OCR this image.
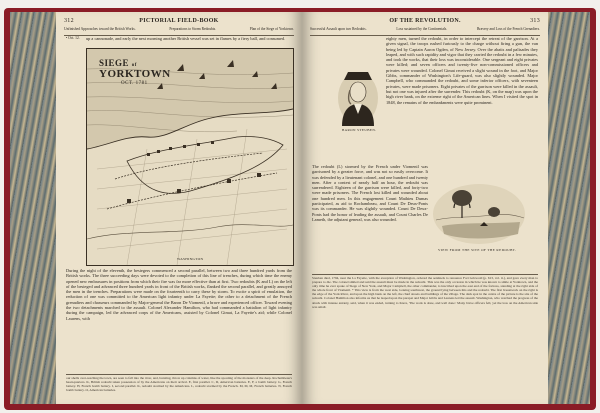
312	PICTORIAL FIELD-BOOK
Unfinished Approaches toward the British Works.	Preparations to Storm Redoubts.	Plan of the Siege of Yorktown.
• Oct. 12.	up a cannonade, and early the next morning another British vessel was set in flames by a fiery ball, and consumed.
SIEGE of
YORKTOWN
OCT. 1781
WASHINGTON
During the night of the eleventh, the besiegers commenced a second parallel, between two and three hundred yards from the British works. The three succeeding days were devoted to the completion of this line of trenches, during which time the enemy opened new embrasures in positions from which their fire was far more effective than at first. Two redoubts (K and L) on the left of the besieged and advanced three hundred yards in front of the British works, flanked the second parallel, and greatly annoyed the men in the trenches. Preparations were made on the fourteenth to carry these by storm. To excite a spirit of emulation, the reduction of one was committed to the American light infantry under La Fayette; the other to a detachment of the French grenadiers and chasseurs commanded by Major-general the Baron De Viomenil, a brave and experienced officer. Toward evening the two detachments marched to the assault. Colonel Alexander Hamilton, who had commanded a battalion of light infantry during the campaign, led the advanced corps of the Americans, assisted by Colonel Gimat, La Fayette's aid; while Colonel Laurens, with
our shells over-reaching the town, are seen to fall into the river, and, bursting, throw up columns of water, like the spouting of the monsters of the deep. Rochambeau's head-quarters. K, British redoubt taken possession of by the Americans on their arrival. E, first parallel. C, D, American batteries. E, F, a bomb battery. G, French battery. H, French bomb battery. I, second parallel. K, redoubt stormed by the Americans. L, redoubt stormed by the French. M, M, M, French batteries. N, French bomb battery. O, American batteries.
OF THE REVOLUTION.	313
Successful Assault upon two Redoubts.	Loss sustained by the Continentals.	Bravery and Loss of the French Grenadiers.
BARON STEUBEN.
eighty men, turned the redoubt, in order to intercept the retreat of the garrison. At a given signal, the troops rushed furiously to the charge without firing a gun, the van being led by Captain Aaron Ogden, of New Jersey. Over the abatis and palisades they leaped, and with such rapidity and vigor that they carried the redoubt in a few minutes, and took the works, that their loss was inconsiderable. One sergeant and eight privates were killed; and seven officers and twenty-five non-commissioned officers and privates were wounded. Colonel Gimat received a slight wound in the foot, and Major Gibbs, commander of Washington's Life-guard, was also slightly wounded. Major Campbell, who commanded the redoubt, and some inferior officers, with seventeen privates, were made prisoners. Eight privates of the garrison were killed in the assault, but not one was injured after the surrender. This redoubt (K, on the map) was upon the high river bank, on the extreme right of the American lines. When I visited the spot in 1848, the remains of the embankments were quite prominent.
The redoubt (L) stormed by the French under Viomenil was garrisoned by a greater force, and was not so easily overcome. It was defended by a lieutenant colonel, and one hundred and twenty men. After a contest of nearly half an hour, the redoubt was surrendered. Eighteen of the garrison were killed, and forty-two were made prisoners. The French lost killed and wounded about one hundred men. In this engagement Count Mathieu Dumas participated, as aid to Rochambeau, and Count De Deux-Ponts was its commander. He was slightly wounded. Count De Deux-Ponts had the honor of leading the assault, and Count Charles De Lameth, the adjutant general, was also wounded.
VIEW FROM THE SITE OF THE REDOUBT.
Steuben died, 1794, near the La Fayette, with the exception of Washington, ordered the sentinels to renounce Fort Griswold (p. 613, vol. ii.), and gave every man to prepare to die. The colonel smiled and said the assault must be made in the redoubt. This was the only occasion in which he was known to smile at Yorktown, and the only time he ever spoke of Siege of New York, and Major Campbell, the other commander, is inscribed upon the east end of the fortress, standing at the right side of the whole front of Viomenil. * This view is from the west side, looking southwest, the ground lying between this and the redoubt. The first breastwork on the right is the edge of the York River, and upon the high bank on the left, the chief streets and buildings of the village. The dark spot in the centre of the picture is the site of the redoubt. Colonel Hamilton also informs us that he leaped upon the parapet and Major Gibbs and Laurens led the assault. Washington, who watched the progress of the attack with intense anxiety, said, when it was ended, turning to Knox, 'The work is done, and well done.' Many brave officers fell, yet the loss on the American side was small.
